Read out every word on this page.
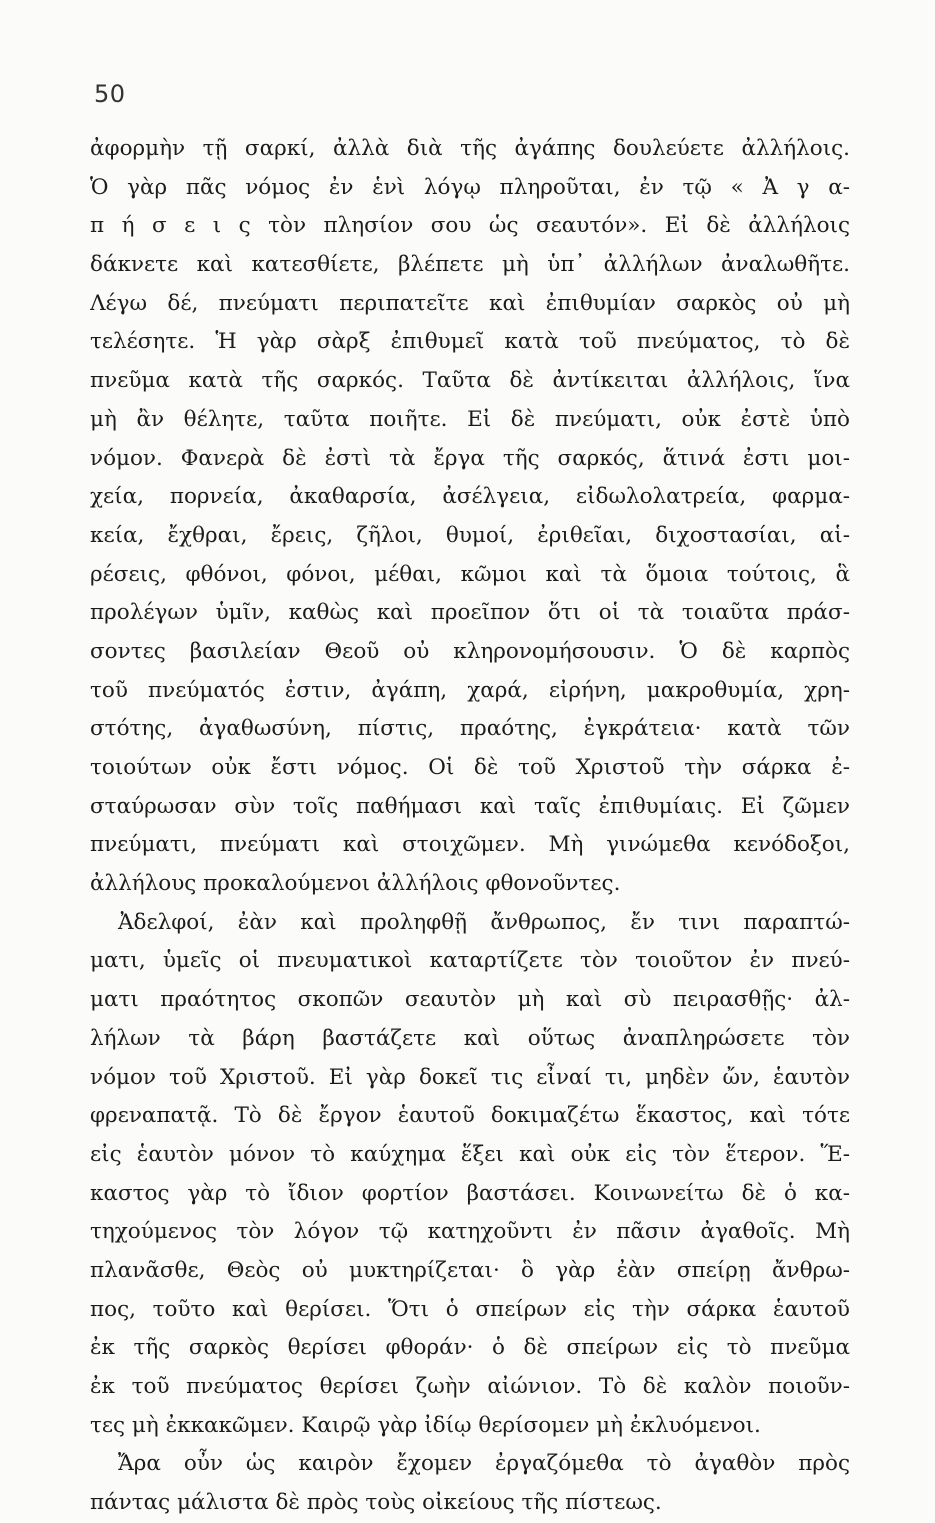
50
ἀφορμὴν τῇ σαρκί, ἀλλὰ διὰ τῆς ἀγάπης δουλεύετε ἀλλήλοις.
Ὁ γὰρ πᾶς νόμος ἐν ἑνὶ λόγῳ πληροῦται, ἐν τῷ « Ἀ γ α-
π ή σ ε ι ς τὸν πλησίον σου ὡς σεαυτόν». Εἰ δὲ ἀλλήλοις
δάκνετε καὶ κατεσθίετε, βλέπετε μὴ ὑπ᾽ ἀλλήλων ἀναλωθῆτε.
Λέγω δέ, πνεύματι περιπατεῖτε καὶ ἐπιθυμίαν σαρκὸς οὐ μὴ
τελέσητε. Ἡ γὰρ σὰρξ ἐπιθυμεῖ κατὰ τοῦ πνεύματος, τὸ δὲ
πνεῦμα κατὰ τῆς σαρκός. Ταῦτα δὲ ἀντίκειται ἀλλήλοις, ἵνα
μὴ ἂν θέλητε, ταῦτα ποιῆτε. Εἰ δὲ πνεύματι, οὐκ ἐστὲ ὑπὸ
νόμον. Φανερὰ δὲ ἐστὶ τὰ ἔργα τῆς σαρκός, ἅτινά ἐστι μοι-
χεία, πορνεία, ἀκαθαρσία, ἀσέλγεια, εἰδωλολατρεία, φαρμα-
κεία, ἔχθραι, ἔρεις, ζῆλοι, θυμοί, ἐριθεῖαι, διχοστασίαι, αἱ-
ρέσεις, φθόνοι, φόνοι, μέθαι, κῶμοι καὶ τὰ ὅμοια τούτοις, ἃ
προλέγων ὑμῖν, καθὼς καὶ προεῖπον ὅτι οἱ τὰ τοιαῦτα πράσ-
σοντες βασιλείαν Θεοῦ οὐ κληρονομήσουσιν. Ὁ δὲ καρπὸς
τοῦ πνεύματός ἐστιν, ἀγάπη, χαρά, εἰρήνη, μακροθυμία, χρη-
στότης, ἀγαθωσύνη, πίστις, πραότης, ἐγκράτεια· κατὰ τῶν
τοιούτων οὐκ ἔστι νόμος. Οἱ δὲ τοῦ Χριστοῦ τὴν σάρκα ἐ-
σταύρωσαν σὺν τοῖς παθήμασι καὶ ταῖς ἐπιθυμίαις. Εἰ ζῶμεν
πνεύματι, πνεύματι καὶ στοιχῶμεν. Μὴ γινώμεθα κενόδοξοι,
ἀλλήλους προκαλούμενοι ἀλλήλοις φθονοῦντες.
Ἀδελφοί, ἐὰν καὶ προληφθῇ ἄνθρωπος, ἔν τινι παραπτώ-
ματι, ὑμεῖς οἱ πνευματικοὶ καταρτίζετε τὸν τοιοῦτον ἐν πνεύ-
ματι πραότητος σκοπῶν σεαυτὸν μὴ καὶ σὺ πειρασθῇς· ἀλ-
λήλων τὰ βάρη βαστάζετε καὶ οὕτως ἀναπληρώσετε τὸν
νόμον τοῦ Χριστοῦ. Εἰ γὰρ δοκεῖ τις εἶναί τι, μηδὲν ὤν, ἑαυτὸν
φρεναπατᾷ. Τὸ δὲ ἔργον ἑαυτοῦ δοκιμαζέτω ἕκαστος, καὶ τότε
εἰς ἑαυτὸν μόνον τὸ καύχημα ἕξει καὶ οὐκ εἰς τὸν ἕτερον. Ἕ-
καστος γὰρ τὸ ἴδιον φορτίον βαστάσει. Κοινωνείτω δὲ ὁ κα-
τηχούμενος τὸν λόγον τῷ κατηχοῦντι ἐν πᾶσιν ἀγαθοῖς. Μὴ
πλανᾶσθε, Θεὸς οὐ μυκτηρίζεται· ὃ γὰρ ἐὰν σπείρῃ ἄνθρω-
πος, τοῦτο καὶ θερίσει. Ὅτι ὁ σπείρων εἰς τὴν σάρκα ἑαυτοῦ
ἐκ τῆς σαρκὸς θερίσει φθοράν· ὁ δὲ σπείρων εἰς τὸ πνεῦμα
ἐκ τοῦ πνεύματος θερίσει ζωὴν αἰώνιον. Τὸ δὲ καλὸν ποιοῦν-
τες μὴ ἐκκακῶμεν. Καιρῷ γὰρ ἰδίῳ θερίσομεν μὴ ἐκλυόμενοι.
Ἄρα οὖν ὡς καιρὸν ἔχομεν ἐργαζόμεθα τὸ ἀγαθὸν πρὸς
πάντας μάλιστα δὲ πρὸς τοὺς οἰκείους τῆς πίστεως.
